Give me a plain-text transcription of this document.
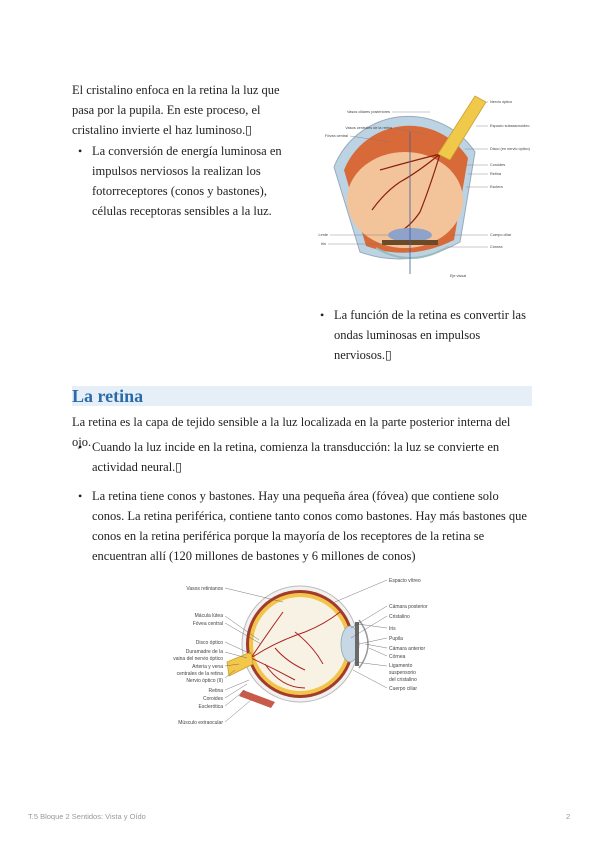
El cristalino enfoca en la retina la luz que pasa por la pupila. En este proceso, el cristalino invierte el haz luminoso.▯
• La conversión de energía luminosa en impulsos nerviosos la realizan los fotorreceptores (conos y bastones), células receptoras sensibles a la luz.
Vasos ciliares posteriores
Vasos centrales de la retina
Fóvea central
Nervio óptico
Espacio subaracnoideo
Disco (en nervio óptico)
Coroides
Retina
Esclera
Lente
Iris
Cuerpo ciliar
Córnea
Eje visual
• La función de la retina es convertir las ondas luminosas en impulsos nerviosos.▯
La retina
La retina es la capa de tejido sensible a la luz localizada en la parte posterior interna del ojo.
• Cuando la luz incide en la retina, comienza la transducción: la luz se convierte en actividad neural.▯
• La retina tiene conos y bastones. Hay una pequeña área (fóvea) que contiene solo conos. La retina periférica, contiene tanto conos como bastones. Hay más bastones que conos en la retina periférica porque la mayoría de los receptores de la retina se encuentran allí (120 millones de bastones y 6 millones de conos)
Vasos retinianos
Mácula lútea
Fóvea central
Disco óptico
Duramadre de la
vaina del nervio óptico
Arteria y vena
centrales de la retina
Nervio óptico (II)
Retina
Coroides
Esclerótica
Músculo extraocular
Espacio vítreo
Cámara posterior
Cristalino
Iris
Pupila
Cámara anterior
Córnea
Ligamento
suspensorio
del cristalino
Cuerpo ciliar
T.5 Bloque 2 Sentidos: Vista y Oído	2
